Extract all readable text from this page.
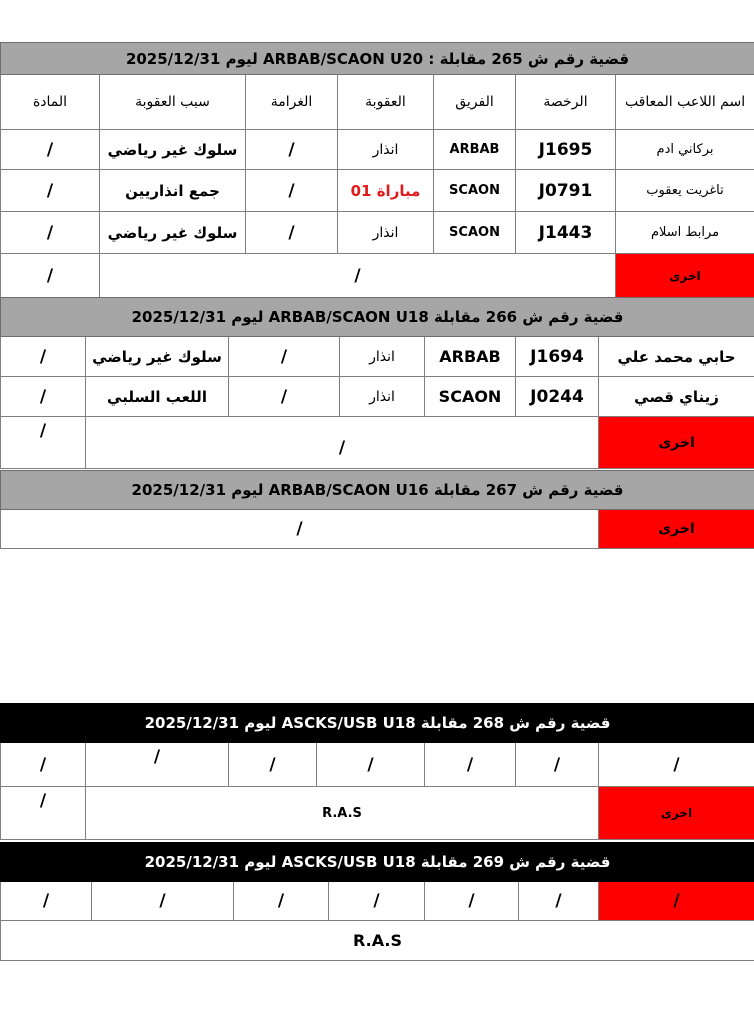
قضية رقم ش 265 مقابلة : ARBAB/SCAON U20 ليوم 2025/12/31						
المادة	سبب العقوبة	الغرامة	العقوبة	الفريق	الرخصة	اسم اللاعب المعاقب
/	سلوك غير رياضي	/	انذار	ARBAB	J1695	بركاني ادم
/	جمع انذاريين	/	01 مباراة	SCAON	J0791	تاغريت يعقوب
/	سلوك غير رياضي	/	انذار	SCAON	J1443	مرابط اسلام
/	/					اخرى
قضية رقم ش 266 مقابلة ARBAB/SCAON U18 ليوم 2025/12/31						
/	سلوك غير رياضي	/	انذار	ARBAB	J1694	حابي محمد علي
/	اللعب السلبي	/	انذار	SCAON	J0244	زيناي قصي
/	/					اخرى
قضية رقم ش 267 مقابلة ARBAB/SCAON U16 ليوم 2025/12/31
/	اخرى
قضية رقم ش 268 مقابلة ASCKS/USB U18 ليوم 2025/12/31						
/	/	/	/	/	/	/
/	R.A.S					اخرى
قضية رقم ش 269 مقابلة ASCKS/USB U18 ليوم 2025/12/31
/	/	/	/	/	/	/
R.A.S
